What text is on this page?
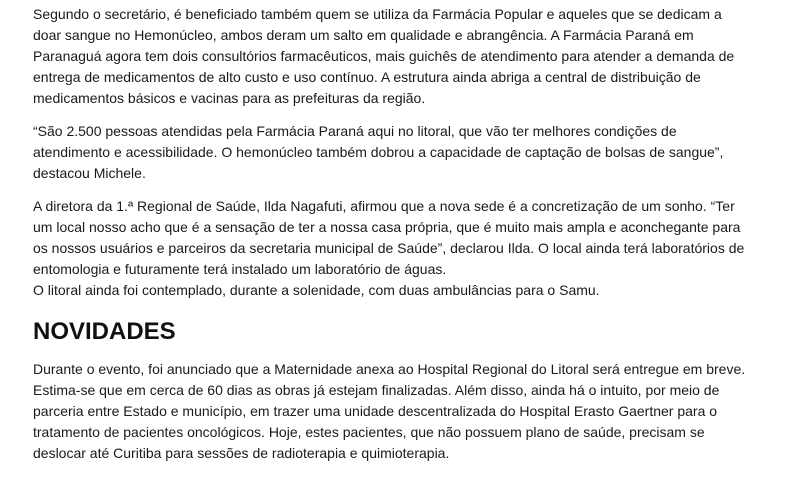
Segundo o secretário, é beneficiado também quem se utiliza da Farmácia Popular e aqueles que se dedicam a
doar sangue no Hemonúcleo, ambos deram um salto em qualidade e abrangência. A Farmácia Paraná em
Paranaguá agora tem dois consultórios farmacêuticos, mais guichês de atendimento para atender a demanda de
entrega de medicamentos de alto custo e uso contínuo. A estrutura ainda abriga a central de distribuição de
medicamentos básicos e vacinas para as prefeituras da região.

“São 2.500 pessoas atendidas pela Farmácia Paraná aqui no litoral, que vão ter melhores condições de
atendimento e acessibilidade. O hemonúcleo também dobrou a capacidade de captação de bolsas de sangue”,
destacou Michele.

A diretora da 1.ª Regional de Saúde, Ilda Nagafuti, afirmou que a nova sede é a concretização de um sonho. “Ter
um local nosso acho que é a sensação de ter a nossa casa própria, que é muito mais ampla e aconchegante para
os nossos usuários e parceiros da secretaria municipal de Saúde”, declarou Ilda. O local ainda terá laboratórios de
entomologia e futuramente terá instalado um laboratório de águas.
O litoral ainda foi contemplado, durante a solenidade, com duas ambulâncias para o Samu.

NOVIDADES

Durante o evento, foi anunciado que a Maternidade anexa ao Hospital Regional do Litoral será entregue em breve.
Estima-se que em cerca de 60 dias as obras já estejam finalizadas. Além disso, ainda há o intuito, por meio de
parceria entre Estado e município, em trazer uma unidade descentralizada do Hospital Erasto Gaertner para o
tratamento de pacientes oncológicos. Hoje, estes pacientes, que não possuem plano de saúde, precisam se
deslocar até Curitiba para sessões de radioterapia e quimioterapia.
